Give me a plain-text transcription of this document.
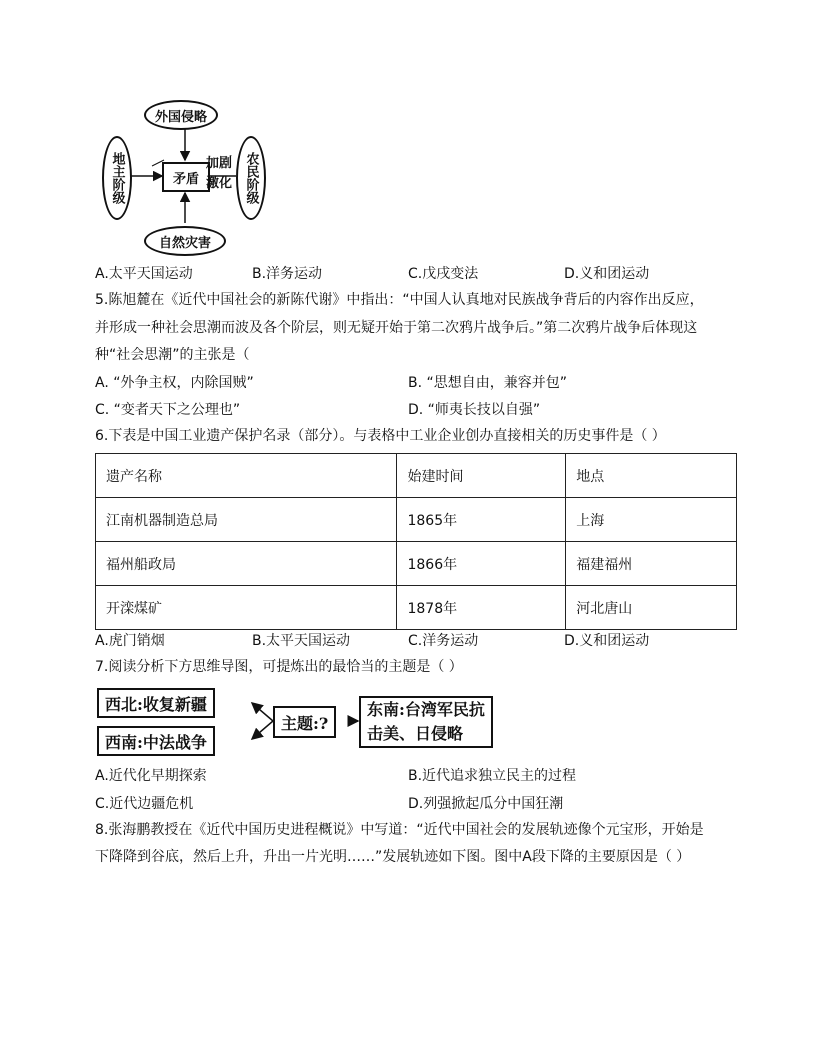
外国侵略
地主阶级	矛盾
加剧激化 农民阶级
自然灾害
A.太平天国运动	B.洋务运动	C.戊戌变法	D.义和团运动
5.陈旭麓在《近代中国社会的新陈代谢》中指出：“中国人认真地对民族战争背后的内容作出反应，
并形成一种社会思潮而波及各个阶层，则无疑开始于第二次鸦片战争后。”第二次鸦片战争后体现这
种“社会思潮”的主张是（
A. “外争主权，内除国贼”	B. “思想自由，兼容并包”
C. “变者天下之公理也”	D. “师夷长技以自强”
6.下表是中国工业遗产保护名录（部分）。与表格中工业企业创办直接相关的历史事件是（ ）
遗产名称	始建时间	地点
江南机器制造总局	1865年	上海
福州船政局	1866年	福建福州
开滦煤矿	1878年	河北唐山
A.虎门销烟	B.太平天国运动	C.洋务运动	D.义和团运动
7.阅读分析下方思维导图，可提炼出的最恰当的主题是（ ）
西北:收复新疆
西南:中法战争
主题:?
东南:台湾军民抗
击美、日侵略
A.近代化早期探索	B.近代追求独立民主的过程
C.近代边疆危机	D.列强掀起瓜分中国狂潮
8.张海鹏教授在《近代中国历史进程概说》中写道：“近代中国社会的发展轨迹像个元宝形，开始是
下降降到谷底，然后上升，升出一片光明……”发展轨迹如下图。图中A段下降的主要原因是（ ）
